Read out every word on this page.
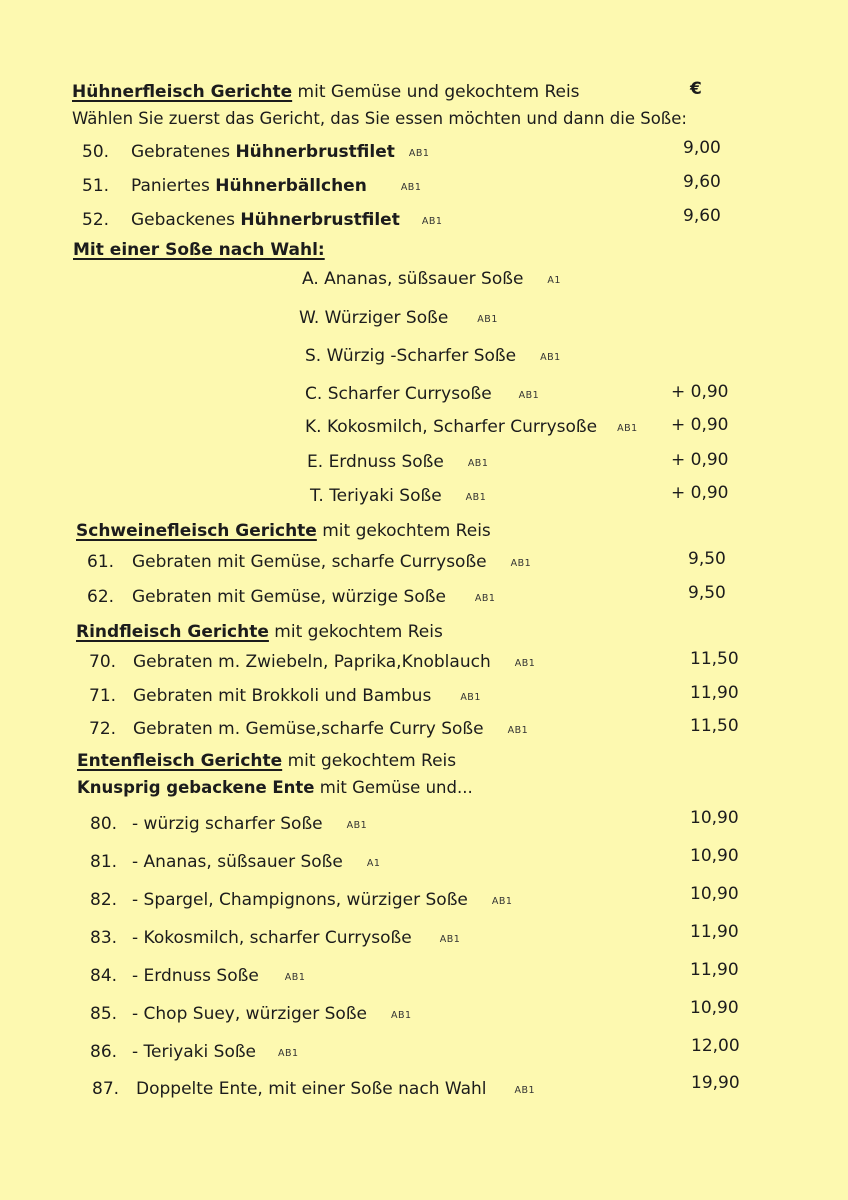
Hühnerfleisch Gerichte mit Gemüse und gekochtem Reis	€
Wählen Sie zuerst das Gericht, das Sie essen möchten und dann die Soße:
50. Gebratenes Hühnerbrustfilet AB1	9,00
51. Paniertes Hühnerbällchen	AB1	9,60
52. Gebackenes Hühnerbrustfilet AB1	9,60
Mit einer Soße nach Wahl:
A. Ananas, süßsauer Soße	A1
W. Würziger Soße	AB1
S. Würzig -Scharfer Soße	AB1
C. Scharfer Currysoße	AB1	+ 0,90
K. Kokosmilch, Scharfer Currysoße AB1 + 0,90
E. Erdnuss Soße	AB1	+ 0,90
T. Teriyaki Soße	AB1	+ 0,90
Schweinefleisch Gerichte mit gekochtem Reis
61. Gebraten mit Gemüse, scharfe Currysoße	AB1	9,50
62. Gebraten mit Gemüse, würzige Soße	AB1	9,50
Rindfleisch Gerichte mit gekochtem Reis
70. Gebraten m. Zwiebeln, Paprika,Knoblauch	AB1	11,50
71. Gebraten mit Brokkoli und Bambus	AB1	11,90
72. Gebraten m. Gemüse,scharfe Curry Soße	AB1	11,50
Entenfleisch Gerichte mit gekochtem Reis
Knusprig gebackene Ente mit Gemüse und...
80. - würzig scharfer Soße	AB1	10,90
81. - Ananas, süßsauer Soße	A1	10,90
82. - Spargel, Champignons, würziger Soße	AB1	10,90
83. - Kokosmilch, scharfer Currysoße	AB1	11,90
84. - Erdnuss Soße	AB1	11,90
85. - Chop Suey, würziger Soße	AB1	10,90
86. - Teriyaki Soße AB1	12,00
87. Doppelte Ente, mit einer Soße nach Wahl	AB1	19,90
